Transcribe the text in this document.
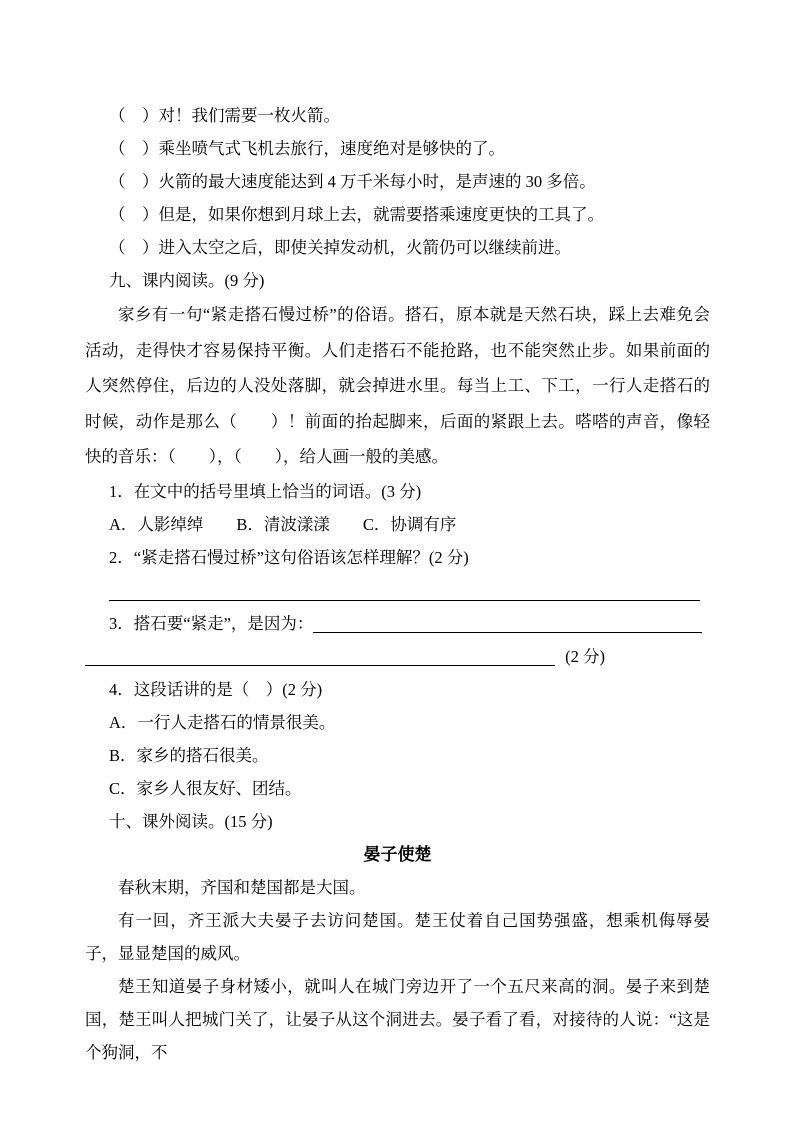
（　）对！我们需要一枚火箭。

（　）乘坐喷气式飞机去旅行，速度绝对是够快的了。

（　）火箭的最大速度能达到 4 万千米每小时，是声速的 30 多倍。

（　）但是，如果你想到月球上去，就需要搭乘速度更快的工具了。

（　）进入太空之后，即使关掉发动机，火箭仍可以继续前进。

九、课内阅读。(9 分)

家乡有一句“紧走搭石慢过桥”的俗语。搭石，原本就是天然石块，踩上去难免会活动，走得快才容易保持平衡。人们走搭石不能抢路，也不能突然止步。如果前面的人突然停住，后边的人没处落脚，就会掉进水里。每当上工、下工，一行人走搭石的时候，动作是那么（　　）！前面的抬起脚来，后面的紧跟上去。嗒嗒的声音，像轻快的音乐：（　　），（　　），给人画一般的美感。

1．在文中的括号里填上恰当的词语。(3 分)

A．人影绰绰　　B．清波漾漾　　C．协调有序

2．“紧走搭石慢过桥”这句俗语该怎样理解？(2 分)

3．搭石要“紧走”，是因为：
(2 分)

4．这段话讲的是（　）(2 分)

A．一行人走搭石的情景很美。

B．家乡的搭石很美。

C．家乡人很友好、团结。

十、课外阅读。(15 分)
晏子使楚

春秋末期，齐国和楚国都是大国。

有一回，齐王派大夫晏子去访问楚国。楚王仗着自己国势强盛，想乘机侮辱晏子，显显楚国的威风。

楚王知道晏子身材矮小，就叫人在城门旁边开了一个五尺来高的洞。晏子来到楚国，楚王叫人把城门关了，让晏子从这个洞进去。晏子看了看，对接待的人说：“这是个狗洞，不
